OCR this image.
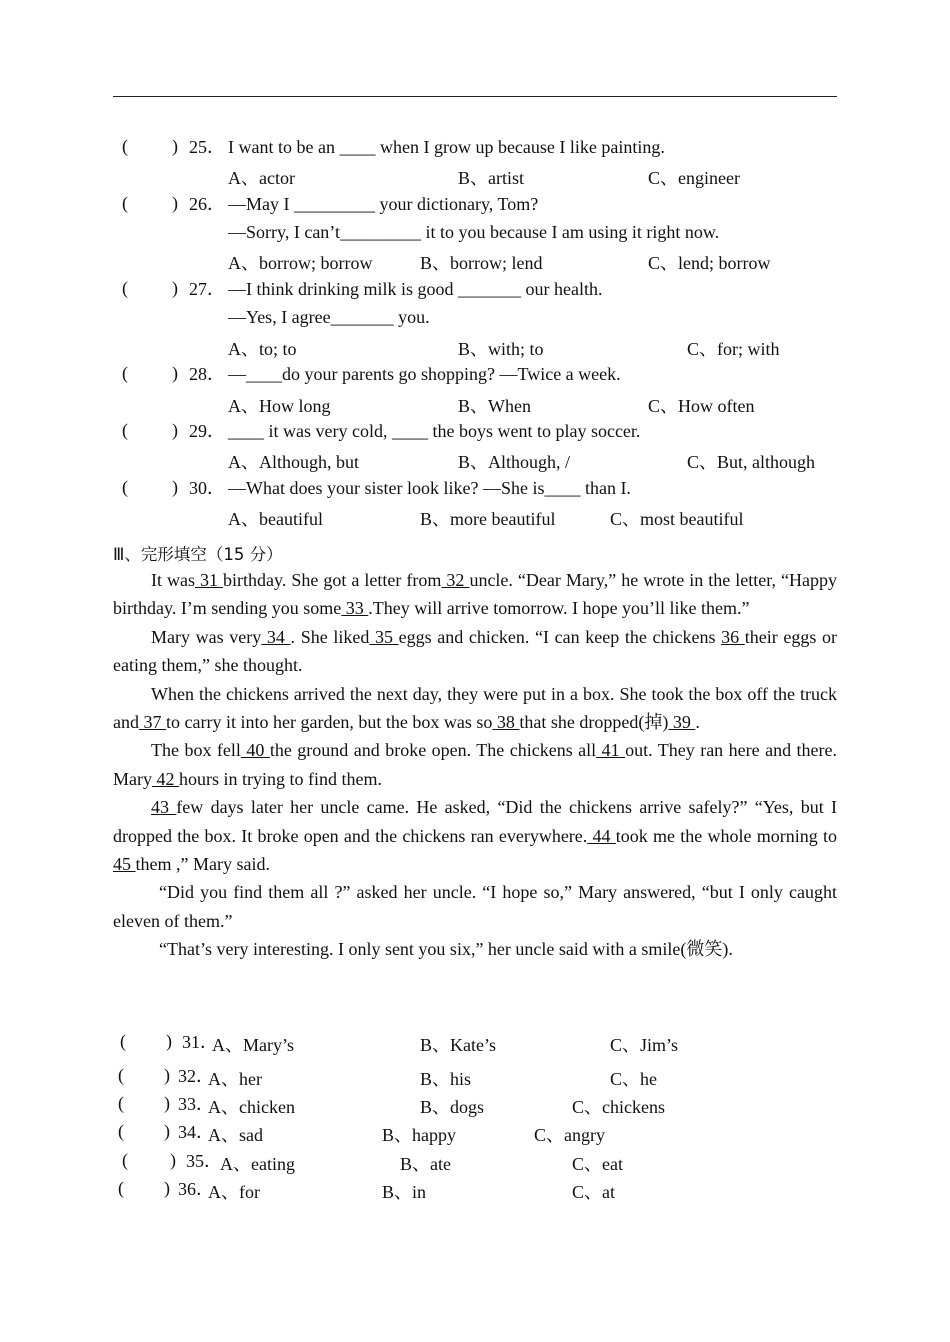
( ) 25． I want to be an ____ when I grow up because I like painting.
A、actor	B、artist	C、engineer
( ) 26． —May I _________ your dictionary, Tom?
—Sorry, I can’t_________ it to you because I am using it right now.
A、borrow; borrow	B、borrow; lend	C、lend; borrow
( ) 27． —I think drinking milk is good _______ our health.
—Yes, I agree_______ you.
A、to; to	B、with; to	C、for; with
( ) 28． —____do your parents go shopping? —Twice a week.
A、How long	B、When	C、How often
( ) 29． ____ it was very cold, ____ the boys went to play soccer.
A、Although, but	B、Although, /	C、But, although
( ) 30． —What does your sister look like? —She is____ than I.
A、beautiful	B、more beautiful	C、most beautiful
Ⅲ、完形填空（15 分）

It was 31 birthday. She got a letter from 32 uncle. “Dear Mary,” he wrote in the letter, “Happy birthday. I’m sending you some 33 .They will arrive tomorrow. I hope you’ll like them.”

Mary was very 34 . She liked 35 eggs and chicken. “I can keep the chickens 36 their eggs or eating them,” she thought.

When the chickens arrived the next day, they were put in a box. She took the box off the truck and 37 to carry it into her garden, but the box was so 38 that she dropped(掉) 39 .

The box fell 40 the ground and broke open. The chickens all 41 out. They ran here and there. Mary 42 hours in trying to find them.

43 few days later her uncle came. He asked, “Did the chickens arrive safely?” “Yes, but I dropped the box. It broke open and the chickens ran everywhere. 44 took me the whole morning to 45 them ,” Mary said.

“Did you find them all ?” asked her uncle. “I hope so,” Mary answered, “but I only caught eleven of them.”

“That’s very interesting. I only sent you six,” her uncle said with a smile(微笑).

( ) 31．
A、Mary’s	B、Kate’s	C、Jim’s
( ) 32．
A、her	B、his	C、he
( ) 33．
A、chicken	B、dogs	C、chickens
( ) 34．
A、sad	B、happy	C、angry
( ) 35．
A、eating	B、ate	C、eat
( ) 36．
A、for	B、in	C、at
